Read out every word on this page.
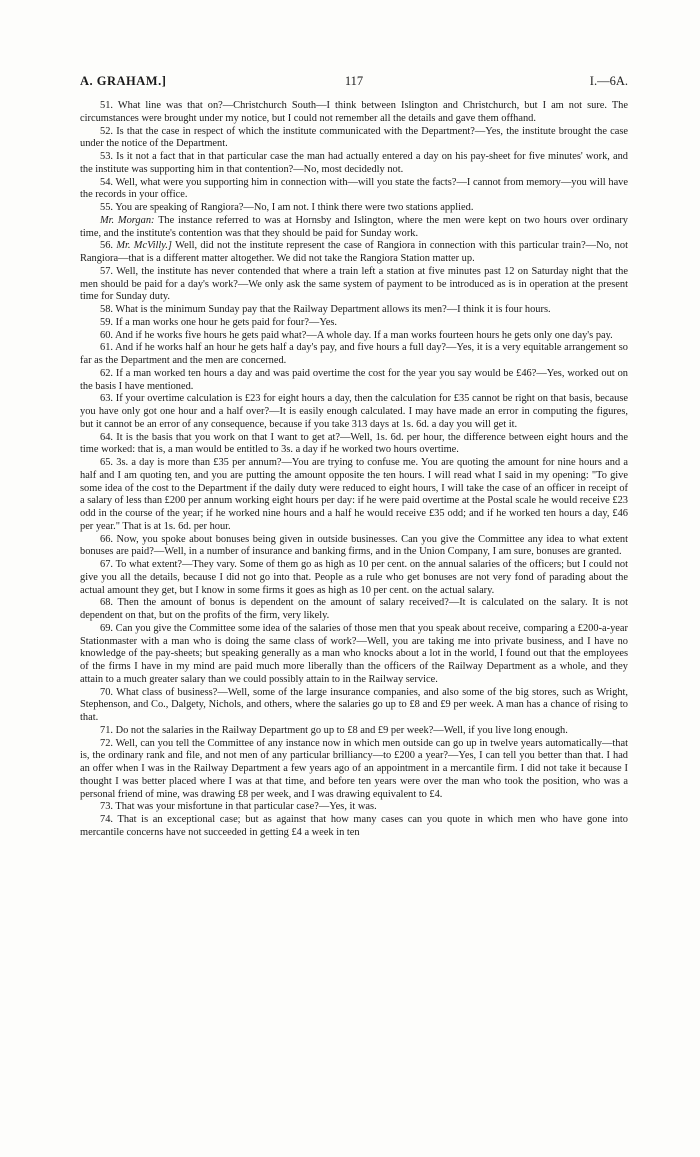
A. GRAHAM.]	117	I.—6A.

51. What line was that on?—Christchurch South—I think between Islington and Christchurch, but I am not sure. The circumstances were brought under my notice, but I could not remember all the details and gave them offhand.

52. Is that the case in respect of which the institute communicated with the Department?—Yes, the institute brought the case under the notice of the Department.

53. Is it not a fact that in that particular case the man had actually entered a day on his pay-sheet for five minutes' work, and the institute was supporting him in that contention?—No, most decidedly not.

54. Well, what were you supporting him in connection with—will you state the facts?—I cannot from memory—you will have the records in your office.

55. You are speaking of Rangiora?—No, I am not. I think there were two stations applied.

Mr. Morgan: The instance referred to was at Hornsby and Islington, where the men were kept on two hours over ordinary time, and the institute's contention was that they should be paid for Sunday work.

56. Mr. McVilly.] Well, did not the institute represent the case of Rangiora in connection with this particular train?—No, not Rangiora—that is a different matter altogether. We did not take the Rangiora Station matter up.

57. Well, the institute has never contended that where a train left a station at five minutes past 12 on Saturday night that the men should be paid for a day's work?—We only ask the same system of payment to be introduced as is in operation at the present time for Sunday duty.

58. What is the minimum Sunday pay that the Railway Department allows its men?—I think it is four hours.

59. If a man works one hour he gets paid for four?—Yes.

60. And if he works five hours he gets paid what?—A whole day. If a man works fourteen hours he gets only one day's pay.

61. And if he works half an hour he gets half a day's pay, and five hours a full day?—Yes, it is a very equitable arrangement so far as the Department and the men are concerned.

62. If a man worked ten hours a day and was paid overtime the cost for the year you say would be £46?—Yes, worked out on the basis I have mentioned.

63. If your overtime calculation is £23 for eight hours a day, then the calculation for £35 cannot be right on that basis, because you have only got one hour and a half over?—It is easily enough calculated. I may have made an error in computing the figures, but it cannot be an error of any consequence, because if you take 313 days at 1s. 6d. a day you will get it.

64. It is the basis that you work on that I want to get at?—Well, 1s. 6d. per hour, the difference between eight hours and the time worked: that is, a man would be entitled to 3s. a day if he worked two hours overtime.

65. 3s. a day is more than £35 per annum?—You are trying to confuse me. You are quoting the amount for nine hours and a half and I am quoting ten, and you are putting the amount opposite the ten hours. I will read what I said in my opening: "To give some idea of the cost to the Department if the daily duty were reduced to eight hours, I will take the case of an officer in receipt of a salary of less than £200 per annum working eight hours per day: if he were paid overtime at the Postal scale he would receive £23 odd in the course of the year; if he worked nine hours and a half he would receive £35 odd; and if he worked ten hours a day, £46 per year." That is at 1s. 6d. per hour.

66. Now, you spoke about bonuses being given in outside businesses. Can you give the Committee any idea to what extent bonuses are paid?—Well, in a number of insurance and banking firms, and in the Union Company, I am sure, bonuses are granted.

67. To what extent?—They vary. Some of them go as high as 10 per cent. on the annual salaries of the officers; but I could not give you all the details, because I did not go into that. People as a rule who get bonuses are not very fond of parading about the actual amount they get, but I know in some firms it goes as high as 10 per cent. on the actual salary.

68. Then the amount of bonus is dependent on the amount of salary received?—It is calculated on the salary. It is not dependent on that, but on the profits of the firm, very likely.

69. Can you give the Committee some idea of the salaries of those men that you speak about receive, comparing a £200-a-year Stationmaster with a man who is doing the same class of work?—Well, you are taking me into private business, and I have no knowledge of the pay-sheets; but speaking generally as a man who knocks about a lot in the world, I found out that the employees of the firms I have in my mind are paid much more liberally than the officers of the Railway Department as a whole, and they attain to a much greater salary than we could possibly attain to in the Railway service.

70. What class of business?—Well, some of the large insurance companies, and also some of the big stores, such as Wright, Stephenson, and Co., Dalgety, Nichols, and others, where the salaries go up to £8 and £9 per week. A man has a chance of rising to that.

71. Do not the salaries in the Railway Department go up to £8 and £9 per week?—Well, if you live long enough.

72. Well, can you tell the Committee of any instance now in which men outside can go up in twelve years automatically—that is, the ordinary rank and file, and not men of any particular brilliancy—to £200 a year?—Yes, I can tell you better than that. I had an offer when I was in the Railway Department a few years ago of an appointment in a mercantile firm. I did not take it because I thought I was better placed where I was at that time, and before ten years were over the man who took the position, who was a personal friend of mine, was drawing £8 per week, and I was drawing equivalent to £4.

73. That was your misfortune in that particular case?—Yes, it was.

74. That is an exceptional case; but as against that how many cases can you quote in which men who have gone into mercantile concerns have not succeeded in getting £4 a week in ten
